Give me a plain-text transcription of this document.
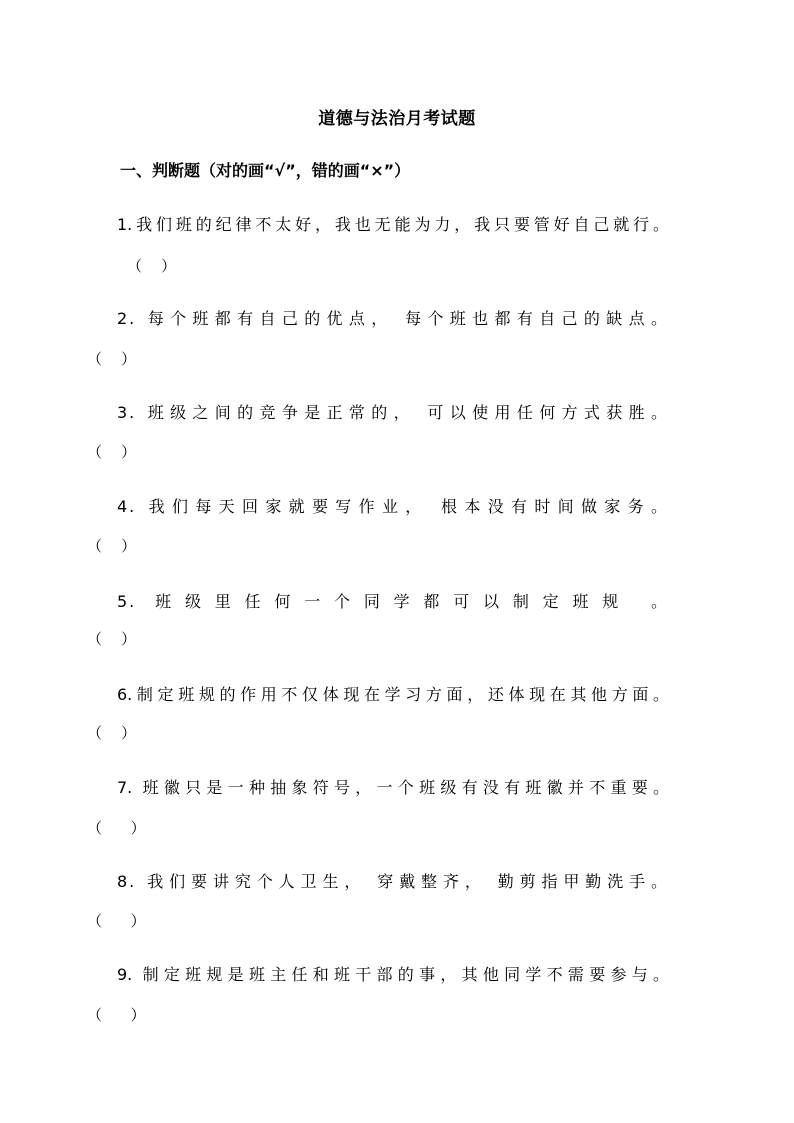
道德与法治月考试题
一、判断题（对的画“√”，错的画“×”）
1.我们班的纪律不太好，我也无能为力，我只要管好自己就行。
（    ）
2. 每个班都有自己的优点， 每个班也都有自己的缺点。
（    ）
3. 班级之间的竞争是正常的， 可以使用任何方式获胜。
（    ）
4. 我们每天回家就要写作业， 根本没有时间做家务。
（    ）
5. 班级里任何一个同学都可以制定班规 。
（    ）
6.制定班规的作用不仅体现在学习方面，还体现在其他方面。
（    ）
7. 班徽只是一种抽象符号，一个班级有没有班徽并不重要。
（      ）
8. 我们要讲究个人卫生， 穿戴整齐， 勤剪指甲勤洗手。
（      ）
9. 制定班规是班主任和班干部的事，其他同学不需要参与。
（      ）
